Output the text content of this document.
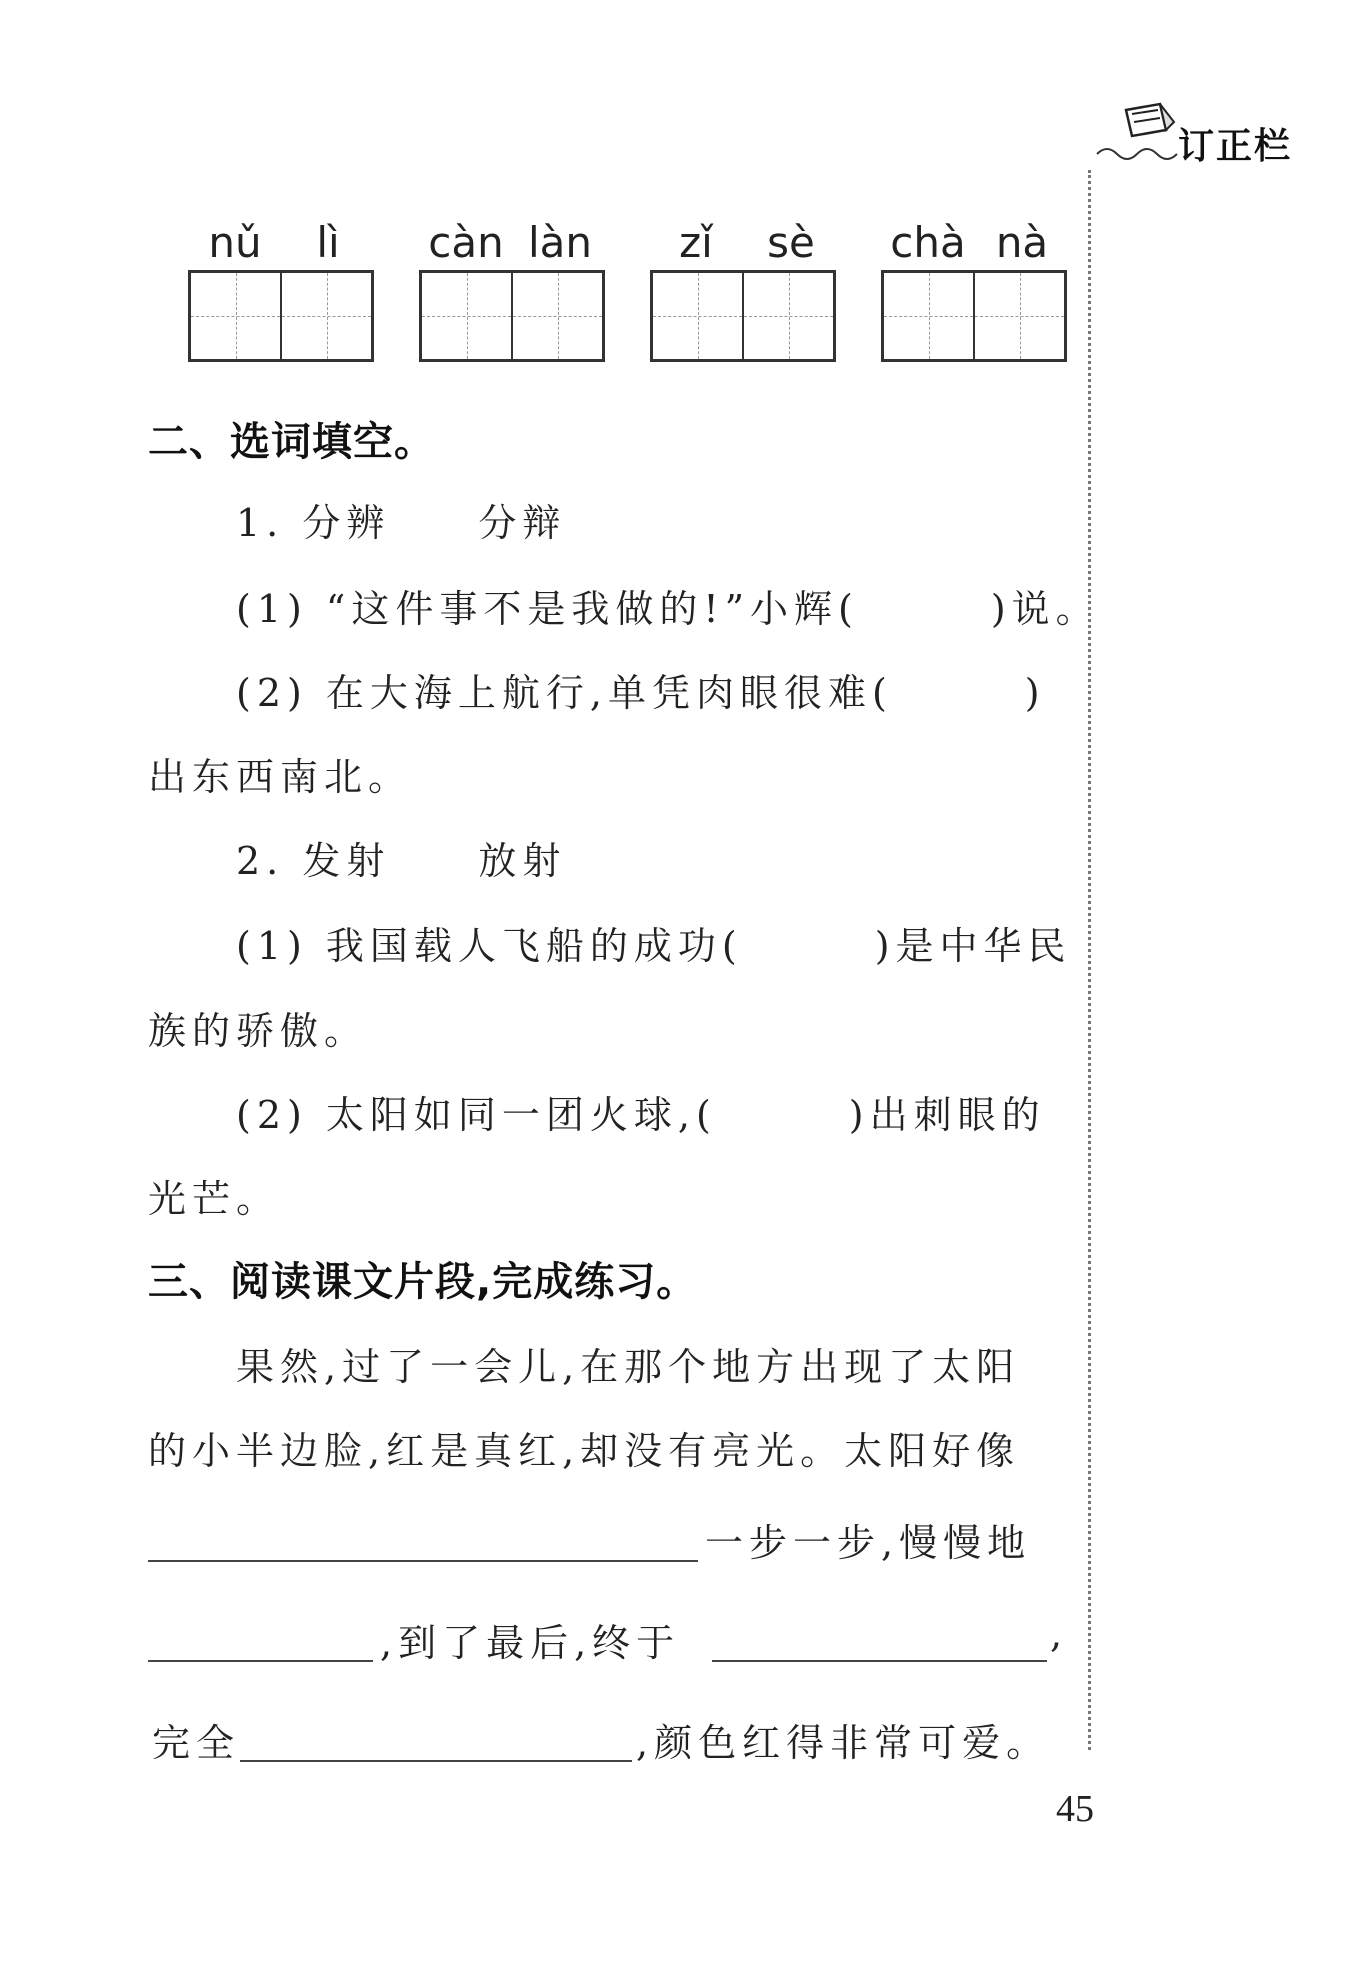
订正栏
nǔ	lì	càn làn	zǐ	sè	chà nà
二、选词填空。
1. 分辨　　分辩
(1) “这件事不是我做的!”小辉(　　　)说。
(2) 在大海上航行,单凭肉眼很难(　　　)
出东西南北。
2. 发射　　放射
(1) 我国载人飞船的成功(　　　)是中华民
族的骄傲。
(2) 太阳如同一团火球,(　　　)出刺眼的
光芒。
三、阅读课文片段,完成练习。
果然,过了一会儿,在那个地方出现了太阳
的小半边脸,红是真红,却没有亮光。太阳好像
一步一步,慢慢地
,到了最后,终于	,
完全	,颜色红得非常可爱。
45
